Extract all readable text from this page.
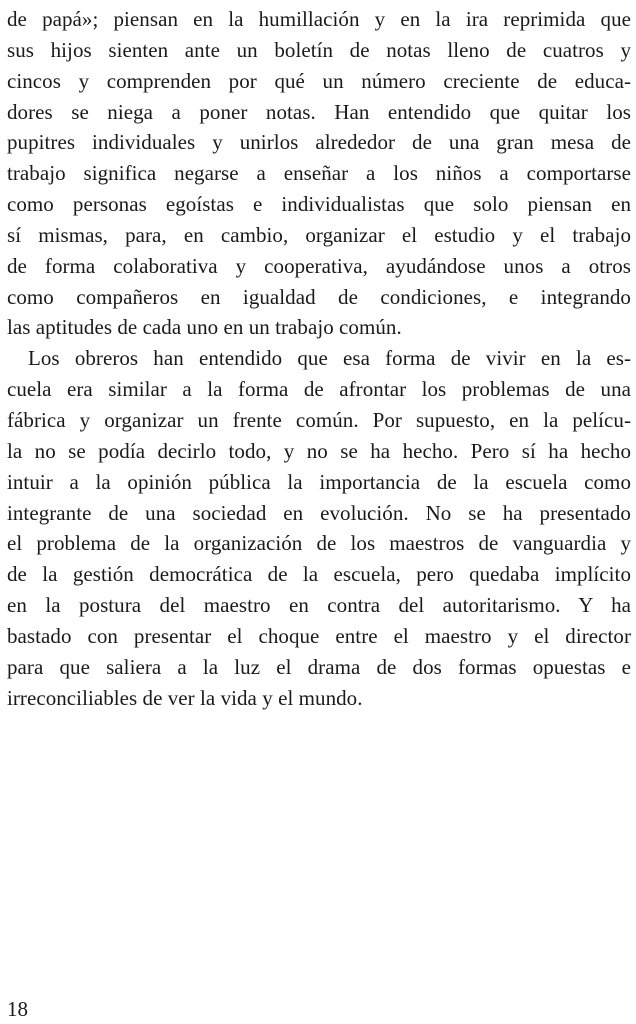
de papá»; piensan en la humillación y en la ira reprimida que
sus hijos sienten ante un boletín de notas lleno de cuatros y
cincos y comprenden por qué un número creciente de educa-
dores se niega a poner notas. Han entendido que quitar los
pupitres individuales y unirlos alrededor de una gran mesa de
trabajo significa negarse a enseñar a los niños a comportarse
como personas egoístas e individualistas que solo piensan en
sí mismas, para, en cambio, organizar el estudio y el trabajo
de forma colaborativa y cooperativa, ayudándose unos a otros
como compañeros en igualdad de condiciones, e integrando
las aptitudes de cada uno en un trabajo común.
Los obreros han entendido que esa forma de vivir en la es-
cuela era similar a la forma de afrontar los problemas de una
fábrica y organizar un frente común. Por supuesto, en la pelícu-
la no se podía decirlo todo, y no se ha hecho. Pero sí ha hecho
intuir a la opinión pública la importancia de la escuela como
integrante de una sociedad en evolución. No se ha presentado
el problema de la organización de los maestros de vanguardia y
de la gestión democrática de la escuela, pero quedaba implícito
en la postura del maestro en contra del autoritarismo. Y ha
bastado con presentar el choque entre el maestro y el director
para que saliera a la luz el drama de dos formas opuestas e
irreconciliables de ver la vida y el mundo.
18
